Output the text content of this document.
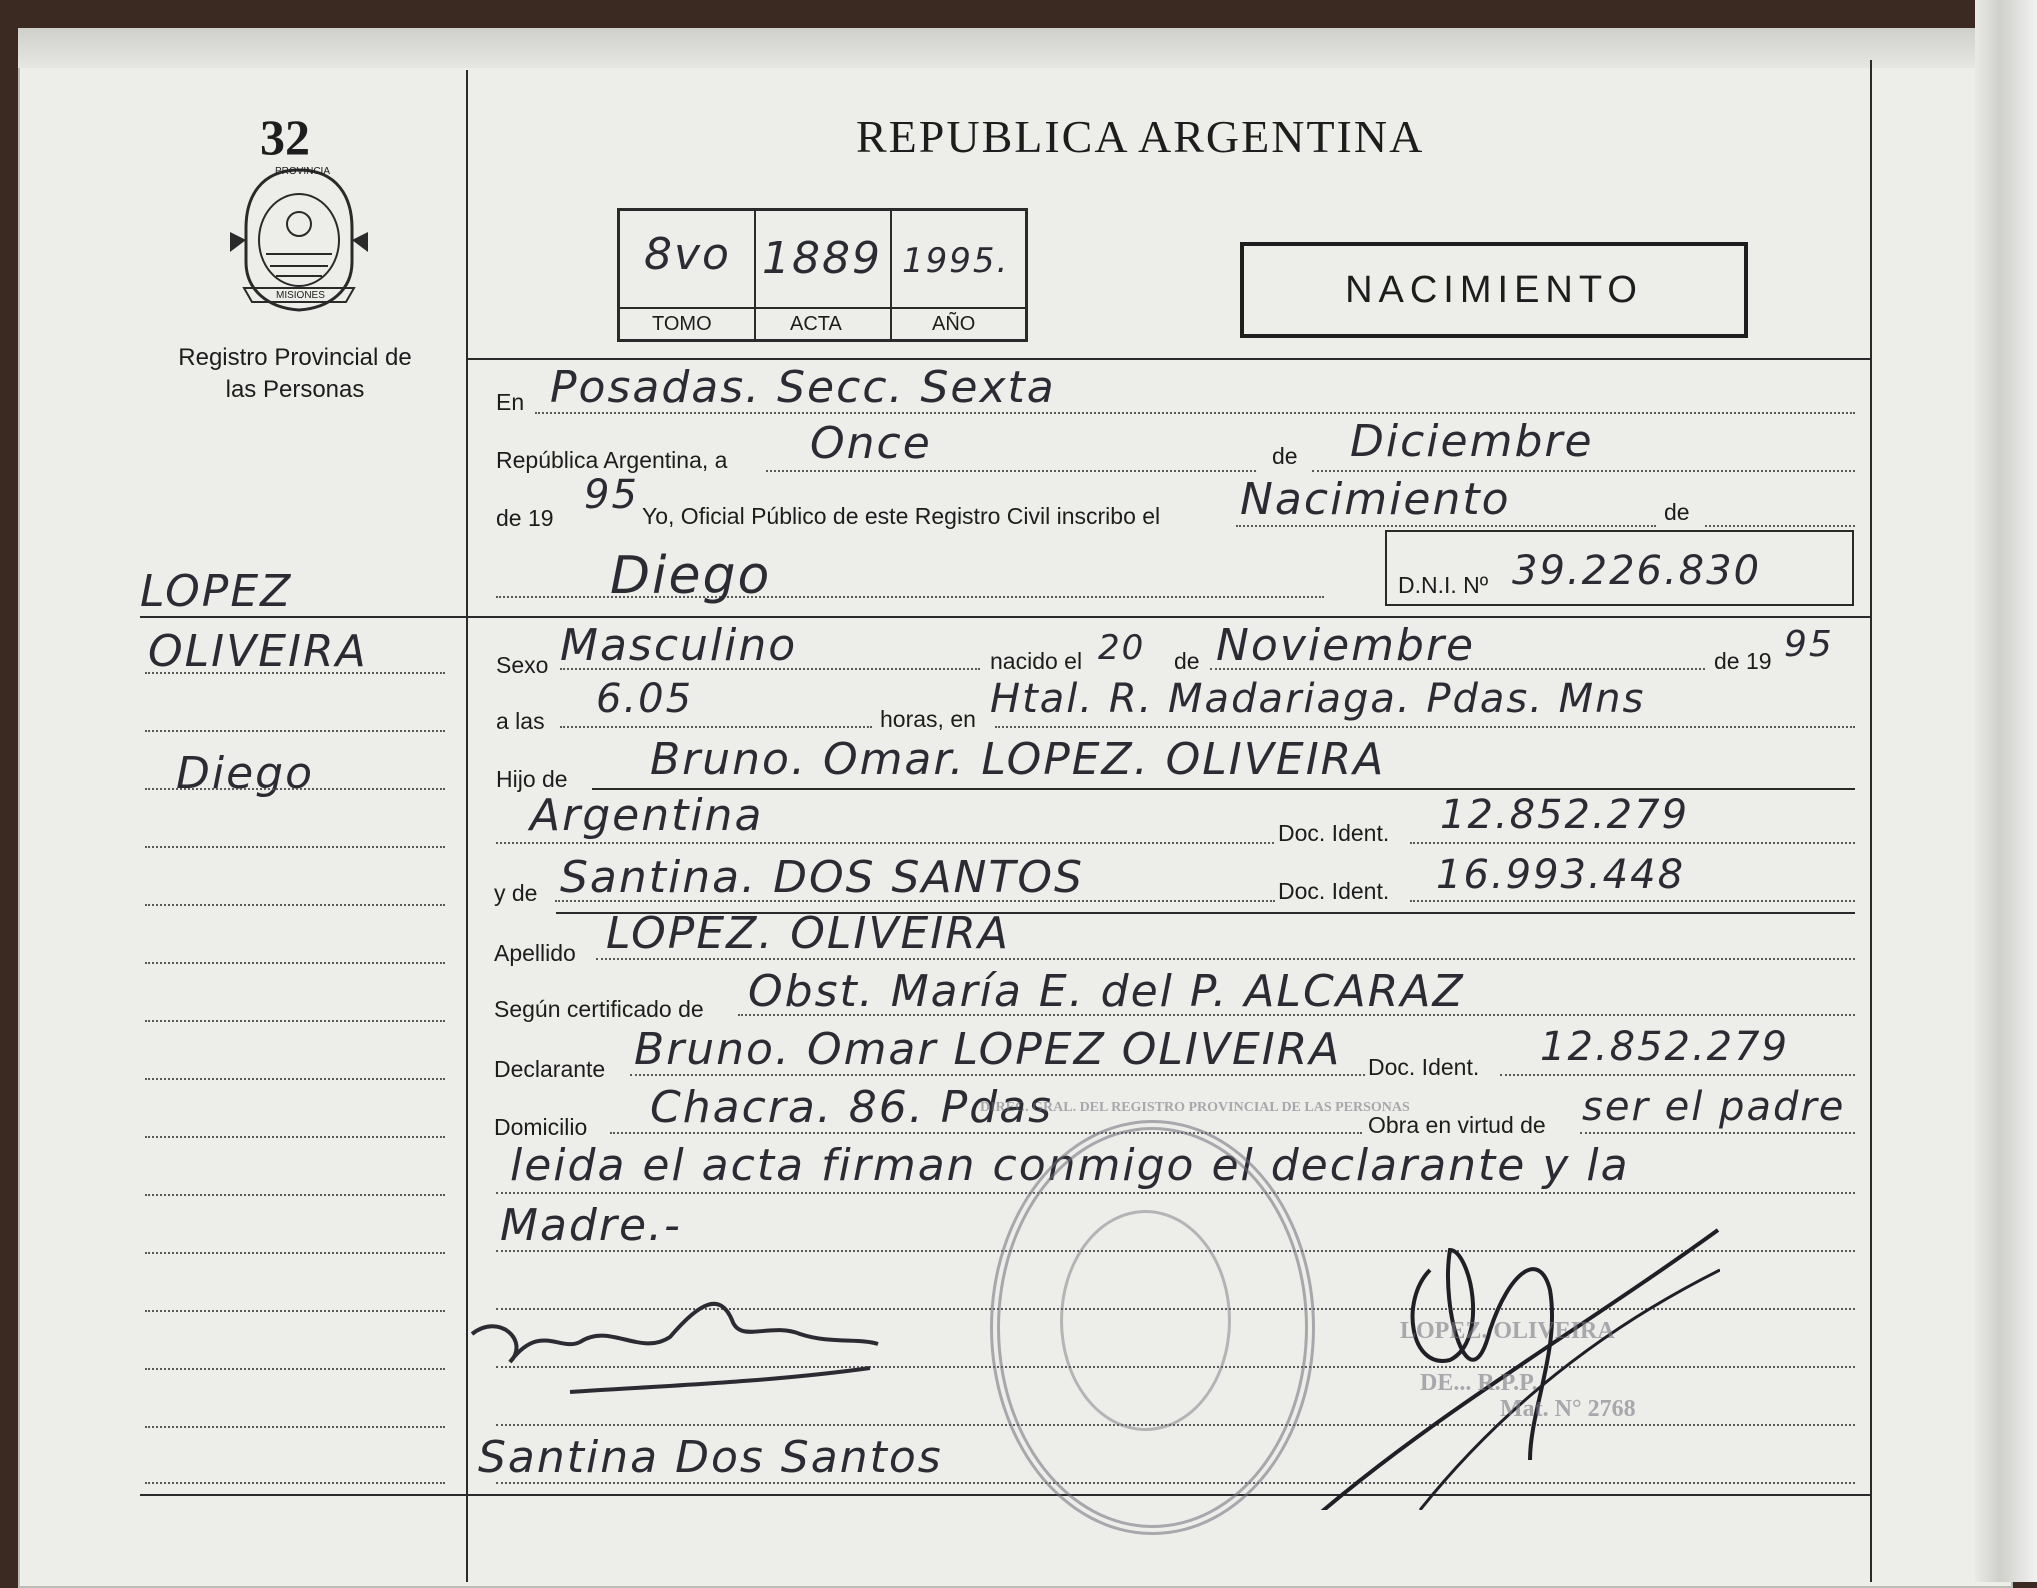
32
PROVINCIA
MISIONES
Registro Provincial de las Personas
REPUBLICA ARGENTINA
TOMO	ACTA	AÑO
8vo 1889 1995.
NACIMIENTO
LOPEZ
OLIVEIRA
Diego
En Posadas. Secc. Sexta
República Argentina, a Once	de Diciembre
de 19 95 Yo, Oficial Público de este Registro Civil inscribo el Nacimiento	de
Diego	D.N.I. Nº 39.226.830
Sexo Masculino	nacido el 20 de Noviembre	de 19 95
a las 6.05	horas, en Htal. R. Madariaga. Pdas. Mns
Hijo de Bruno. Omar. LOPEZ. OLIVEIRA
Argentina	Doc. Ident. 12.852.279
y de Santina. DOS SANTOS	Doc. Ident. 16.993.448
Apellido LOPEZ. OLIVEIRA
Según certificado de Obst. María E. del P. ALCARAZ
Declarante Bruno. Omar LOPEZ OLIVEIRA Doc. Ident. 12.852.279
Domicilio Chacra. 86. Pdas	Obra en virtud de ser el padre
leida el acta firman conmigo el declarante y la
Madre.-
Santina Dos Santos
DIREC. GRAL. DEL REGISTRO PROVINCIAL DE LAS PERSONAS
LOPEZ. OLIVEIRA
DE... R.P.P.
Mat. N° 2768
